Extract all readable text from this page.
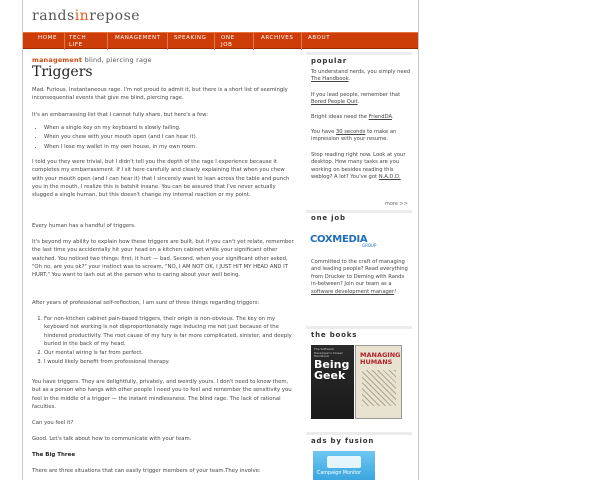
randsinrepose
HOME TECH LIFE
MANAGEMENT SPEAKING	ONE JOB
ARCHIVES	ABOUT
management blind, piercing rage
Triggers

Mad. Furious. Instantaneous rage. I'm not proud to admit it, but there is a short list of seemingly inconsequential events that give me blind, piercing rage.

It's an embarrassing list that I cannot fully share, but here's a few:

• When a single key on my keyboard is slowly failing.
• When you chew with your mouth open (and I can hear it).
• When I lose my wallet in my own house, in my own room.

I told you they were trivial, but I didn't tell you the depth of the rage I experience because it completes my embarrassment. If I sit here carefully and clearly explaining that when you chew with your mouth open (and I can hear it) that I sincerely want to lean across the table and punch you in the mouth, I realize this is batshit insane. You can be assured that I've never actually slugged a single human, but this doesn't change my internal reaction or my point.

Every human has a handful of triggers.

It's beyond my ability to explain how these triggers are built, but if you can't yet relate, remember the last time you accidentally hit your head on a kitchen cabinet while your significant other watched. You noticed two things: first, it hurt — bad. Second, when your significant other asked, "Oh no, are you ok?" your instinct was to scream, "NO, I AM NOT OK, I JUST HIT MY HEAD AND IT HURT." You want to lash out at the person who is caring about your well being.

After years of professional self-reflection, I am sure of three things regarding triggers:

1. For non-kitchen cabinet pain-based triggers, their origin is non-obvious. The key on my keyboard not working is not disproportionately rage inducing me not just because of the hindered productivity. The root cause of my fury is far more complicated, sinister, and deeply buried in the back of my head.
2. Our mental wiring is far from perfect.
3. I would likely benefit from professional therapy.

You have triggers. They are delightfully, privately, and weirdly yours. I don't need to know them, but as a person who hangs with other people I need you to feel and remember the sensitivity you feel in the middle of a trigger — the instant mindlessness. The blind rage. The lack of rational faculties.

Can you feel it?

Good. Let's talk about how to communicate with your team.

The Big Three

There are three situations that can easily trigger members of your team.They involve:

popular
To understand nerds, you simply need The Handbook.
If you lead people, remember that Bored People Quit.
Bright ideas need the FriendDA.
You have 30 seconds to make an impression with your resume.
Stop reading right now. Look at your desktop. How many tasks are you working on besides reading this weblog? A lot? You've got N.A.D.D.
more >>
one job
COXMEDIA
GROUP
Committed to the craft of managing and leading people? Read everything from Drucker to Deming with Rands in-between? Join our team as a software development manager!
the books
The Software Developer's Career Handbook
Being Geek
MANAGING HUMANS
ads by fusion
Campaign Monitor
